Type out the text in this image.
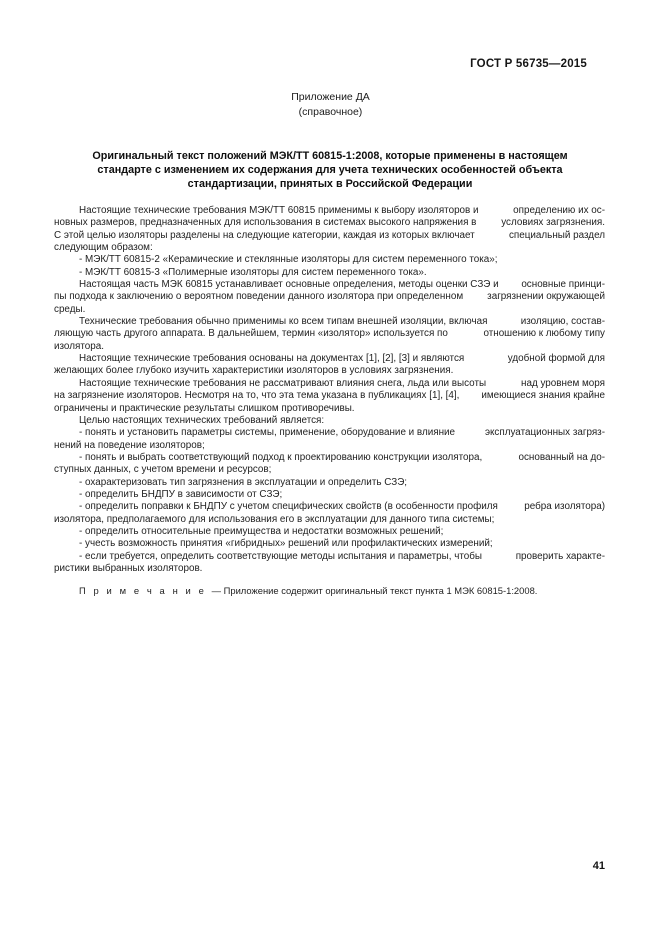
ГОСТ Р 56735—2015
Приложение ДА
(справочное)
Оригинальный текст положений МЭК/ТТ 60815-1:2008, которые применены в настоящем
стандарте с изменением их содержания для учета технических особенностей объекта
стандартизации, принятых в Российской Федерации
Настоящие технические требования МЭК/ТТ 60815 применимы к выбору изоляторов и	определению их ос-
новных размеров, предназначенных для использования в системах высокого напряжения в	условиях загрязнения.
С этой целью изоляторы разделены на следующие категории, каждая из которых включает	специальный раздел
следующим образом:
- МЭК/ТТ 60815-2 «Керамические и стеклянные изоляторы для систем переменного тока»;
- МЭК/ТТ 60815-3 «Полимерные изоляторы для систем переменного тока».
Настоящая часть МЭК 60815 устанавливает основные определения, методы оценки СЗЭ и основные принци-
пы подхода к заключению о вероятном поведении данного изолятора при определенном загрязнении окружающей
среды.
Технические требования обычно применимы ко всем типам внешней изоляции, включая	изоляцию, состав-
ляющую часть другого аппарата. В дальнейшем, термин «изолятор» используется по	отношению к любому типу
изолятора.
Настоящие технические требования основаны на документах [1], [2], [3] и являются	удобной формой для
желающих более глубоко изучить характеристики изоляторов в условиях загрязнения.
Настоящие технические требования не рассматривают влияния снега, льда или высоты	над уровнем моря
на загрязнение изоляторов. Несмотря на то, что эта тема указана в публикациях [1], [4], имеющиеся знания крайне
ограничены и практические результаты слишком противоречивы.
Целью настоящих технических требований является:
- понять и установить параметры системы, применение, оборудование и влияние	эксплуатационных загряз-
нений на поведение изоляторов;
- понять и выбрать соответствующий подход к проектированию конструкции изолятора,	основанный на до-
ступных данных, с учетом времени и ресурсов;
- охарактеризовать тип загрязнения в эксплуатации и определить СЗЭ;
- определить БНДПУ в зависимости от СЗЭ;
- определить поправки к БНДПУ с учетом специфических свойств (в особенности профиля	ребра изолятора)
изолятора, предполагаемого для использования его в эксплуатации для данного типа системы;
- определить относительные преимущества и недостатки возможных решений;
- учесть возможность принятия «гибридных» решений или профилактических измерений;
- если требуется, определить соответствующие методы испытания и параметры, чтобы	проверить характе-
ристики выбранных изоляторов.
П р и м е ч а н и е — Приложение содержит оригинальный текст пункта 1 МЭК 60815-1:2008.
41
